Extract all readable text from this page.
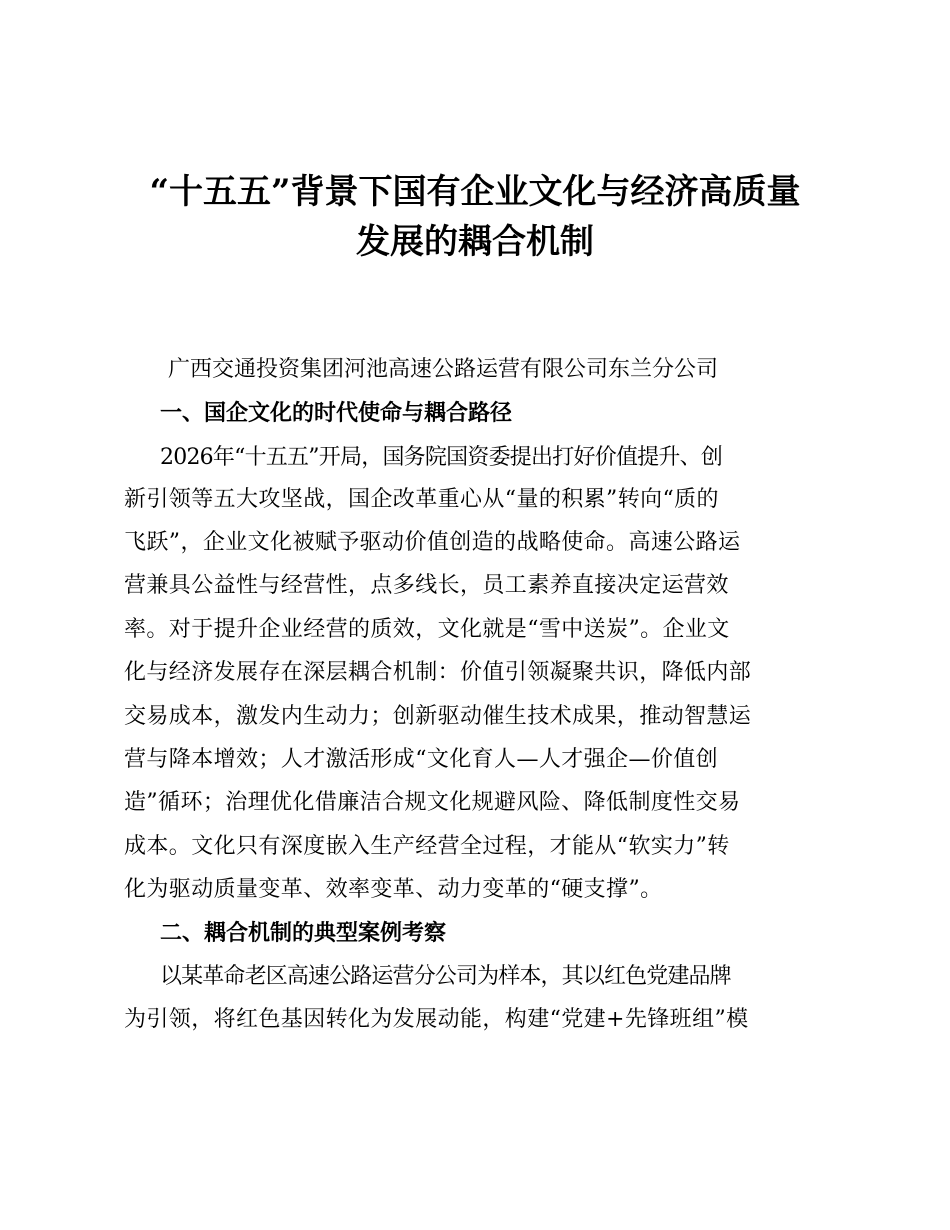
“十五五”背景下国有企业文化与经济高质量
发展的耦合机制
广西交通投资集团河池高速公路运营有限公司东兰分公司
一、国企文化的时代使命与耦合路径
2026年“十五五”开局，国务院国资委提出打好价值提升、创
新引领等五大攻坚战，国企改革重心从“量的积累”转向“质的
飞跃”，企业文化被赋予驱动价值创造的战略使命。高速公路运
营兼具公益性与经营性，点多线长，员工素养直接决定运营效
率。对于提升企业经营的质效，文化就是“雪中送炭”。企业文
化与经济发展存在深层耦合机制：价值引领凝聚共识，降低内部
交易成本，激发内生动力；创新驱动催生技术成果，推动智慧运
营与降本增效；人才激活形成“文化育人—人才强企—价值创
造”循环；治理优化借廉洁合规文化规避风险、降低制度性交易
成本。文化只有深度嵌入生产经营全过程，才能从“软实力”转
化为驱动质量变革、效率变革、动力变革的“硬支撑”。
二、耦合机制的典型案例考察
以某革命老区高速公路运营分公司为样本，其以红色党建品牌
为引领，将红色基因转化为发展动能，构建“党建+先锋班组”模
